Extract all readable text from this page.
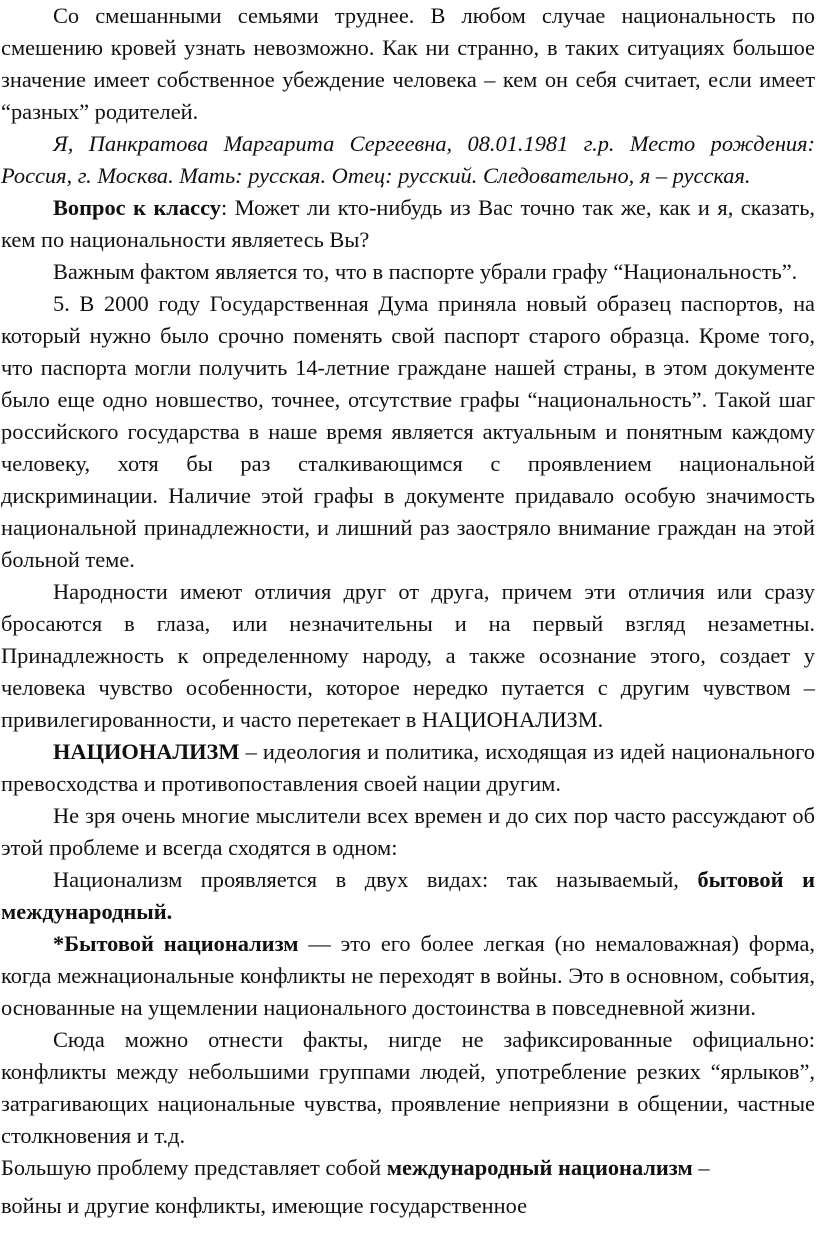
Со смешанными семьями труднее. В любом случае национальность по смешению кровей узнать невозможно. Как ни странно, в таких ситуациях большое значение имеет собственное убеждение человека – кем он себя считает, если имеет “разных” родителей.

Я, Панкратова Маргарита Сергеевна, 08.01.1981 г.р. Место рождения: Россия, г. Москва. Мать: русская. Отец: русский. Следовательно, я – русская.

Вопрос к классу: Может ли кто-нибудь из Вас точно так же, как и я, сказать, кем по национальности являетесь Вы?

Важным фактом является то, что в паспорте убрали графу “Национальность”.

5. В 2000 году Государственная Дума приняла новый образец паспортов, на который нужно было срочно поменять свой паспорт старого образца. Кроме того, что паспорта могли получить 14-летние граждане нашей страны, в этом документе было еще одно новшество, точнее, отсутствие графы “национальность”. Такой шаг российского государства в наше время является актуальным и понятным каждому человеку, хотя бы раз сталкивающимся с проявлением национальной дискриминации. Наличие этой графы в документе придавало особую значимость национальной принадлежности, и лишний раз заостряло внимание граждан на этой больной теме.

Народности имеют отличия друг от друга, причем эти отличия или сразу бросаются в глаза, или незначительны и на первый взгляд незаметны. Принадлежность к определенному народу, а также осознание этого, создает у человека чувство особенности, которое нередко путается с другим чувством – привилегированности, и часто перетекает в НАЦИОНАЛИЗМ.

НАЦИОНАЛИЗМ – идеология и политика, исходящая из идей национального превосходства и противопоставления своей нации другим.

Не зря очень многие мыслители всех времен и до сих пор часто рассуждают об этой проблеме и всегда сходятся в одном:

Национализм проявляется в двух видах: так называемый, бытовой и международный.

*Бытовой национализм — это его более легкая (но немаловажная) форма, когда межнациональные конфликты не переходят в войны. Это в основном, события, основанные на ущемлении национального достоинства в повседневной жизни.

Сюда можно отнести факты, нигде не зафиксированные официально: конфликты между небольшими группами людей, употребление резких “ярлыков”, затрагивающих национальные чувства, проявление неприязни в общении, частные столкновения и т.д.

Большую проблему представляет собой международный национализм –

войны и другие конфликты, имеющие государственное
